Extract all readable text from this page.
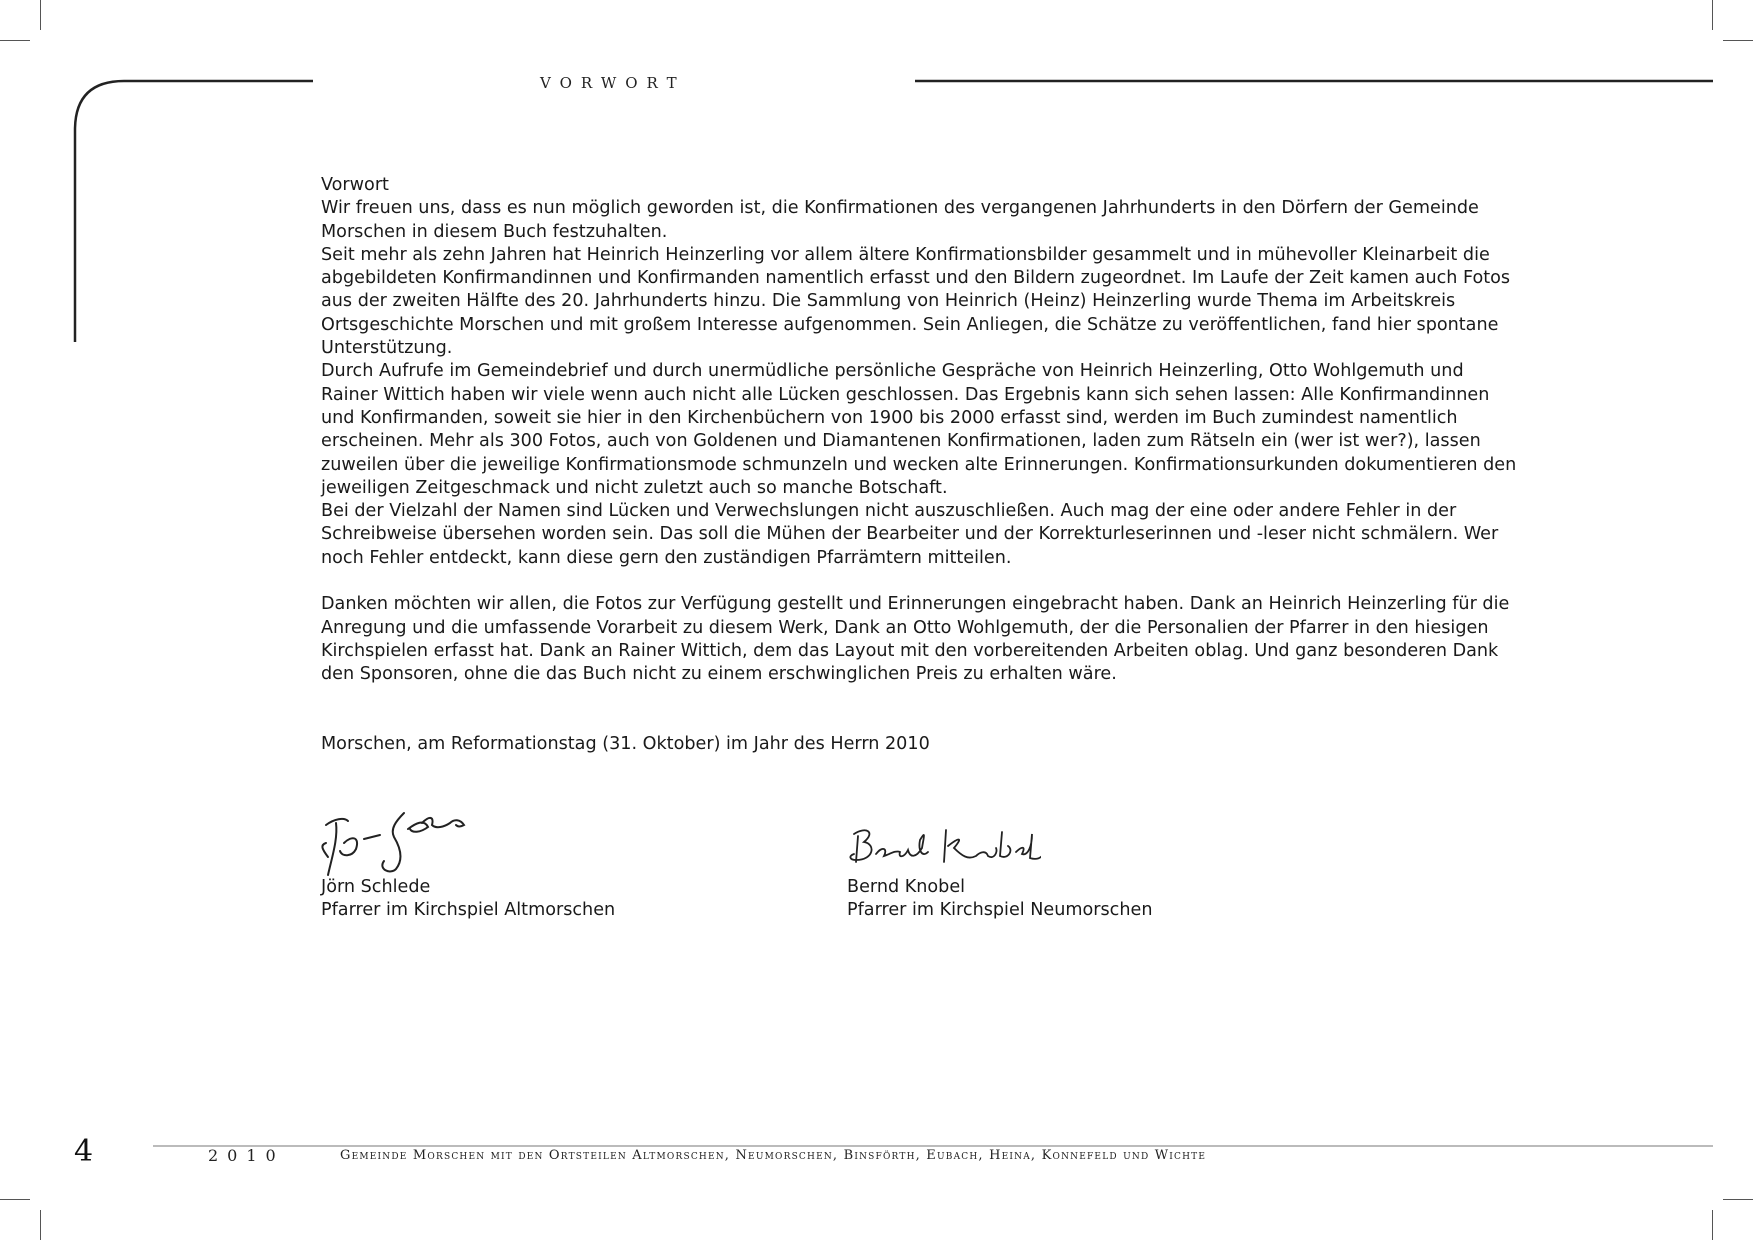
VORWORT

Vorwort

Wir freuen uns, dass es nun möglich geworden ist, die Konfirmationen des vergangenen Jahrhunderts in den Dörfern der Gemeinde Morschen in diesem Buch festzuhalten.

Seit mehr als zehn Jahren hat Heinrich Heinzerling vor allem ältere Konfirmationsbilder gesammelt und in mühevoller Kleinarbeit die abgebildeten Konfirmandinnen und Konfirmanden namentlich erfasst und den Bildern zugeordnet. Im Laufe der Zeit kamen auch Fotos aus der zweiten Hälfte des 20. Jahrhunderts hinzu. Die Sammlung von Heinrich (Heinz) Heinzerling wurde Thema im Arbeitskreis Ortsgeschichte Morschen und mit großem Interesse aufgenommen. Sein Anliegen, die Schätze zu veröffentlichen, fand hier spontane Unterstützung.

Durch Aufrufe im Gemeindebrief und durch unermüdliche persönliche Gespräche von Heinrich Heinzerling, Otto Wohlgemuth und Rainer Wittich haben wir viele wenn auch nicht alle Lücken geschlossen. Das Ergebnis kann sich sehen lassen: Alle Konfirmandinnen und Konfirmanden, soweit sie hier in den Kirchenbüchern von 1900 bis 2000 erfasst sind, werden im Buch zumindest namentlich erscheinen. Mehr als 300 Fotos, auch von Goldenen und Diamantenen Konfirmationen, laden zum Rätseln ein (wer ist wer?), lassen zuweilen über die jeweilige Konfirmationsmode schmunzeln und wecken alte Erinnerungen. Konfirmationsurkunden dokumentieren den jeweiligen Zeitgeschmack und nicht zuletzt auch so manche Botschaft.

Bei der Vielzahl der Namen sind Lücken und Verwechslungen nicht auszuschließen. Auch mag der eine oder andere Fehler in der Schreibweise übersehen worden sein. Das soll die Mühen der Bearbeiter und der Korrekturleserinnen und -leser nicht schmälern. Wer noch Fehler entdeckt, kann diese gern den zuständigen Pfarrämtern mitteilen.

Danken möchten wir allen, die Fotos zur Verfügung gestellt und Erinnerungen eingebracht haben. Dank an Heinrich Heinzerling für die Anregung und die umfassende Vorarbeit zu diesem Werk, Dank an Otto Wohlgemuth, der die Personalien der Pfarrer in den hiesigen Kirchspielen erfasst hat. Dank an Rainer Wittich, dem das Layout mit den vorbereitenden Arbeiten oblag. Und ganz besonderen Dank den Sponsoren, ohne die das Buch nicht zu einem erschwinglichen Preis zu erhalten wäre.

Morschen, am Reformationstag (31. Oktober) im Jahr des Herrn 2010

Jörn Schlede

Pfarrer im Kirchspiel Altmorschen

Bernd Knobel

Pfarrer im Kirchspiel Neumorschen

4	2010	Gemeinde Morschen mit den Ortsteilen Altmorschen, Neumorschen, Binsförth, Eubach, Heina, Konnefeld und Wichte
